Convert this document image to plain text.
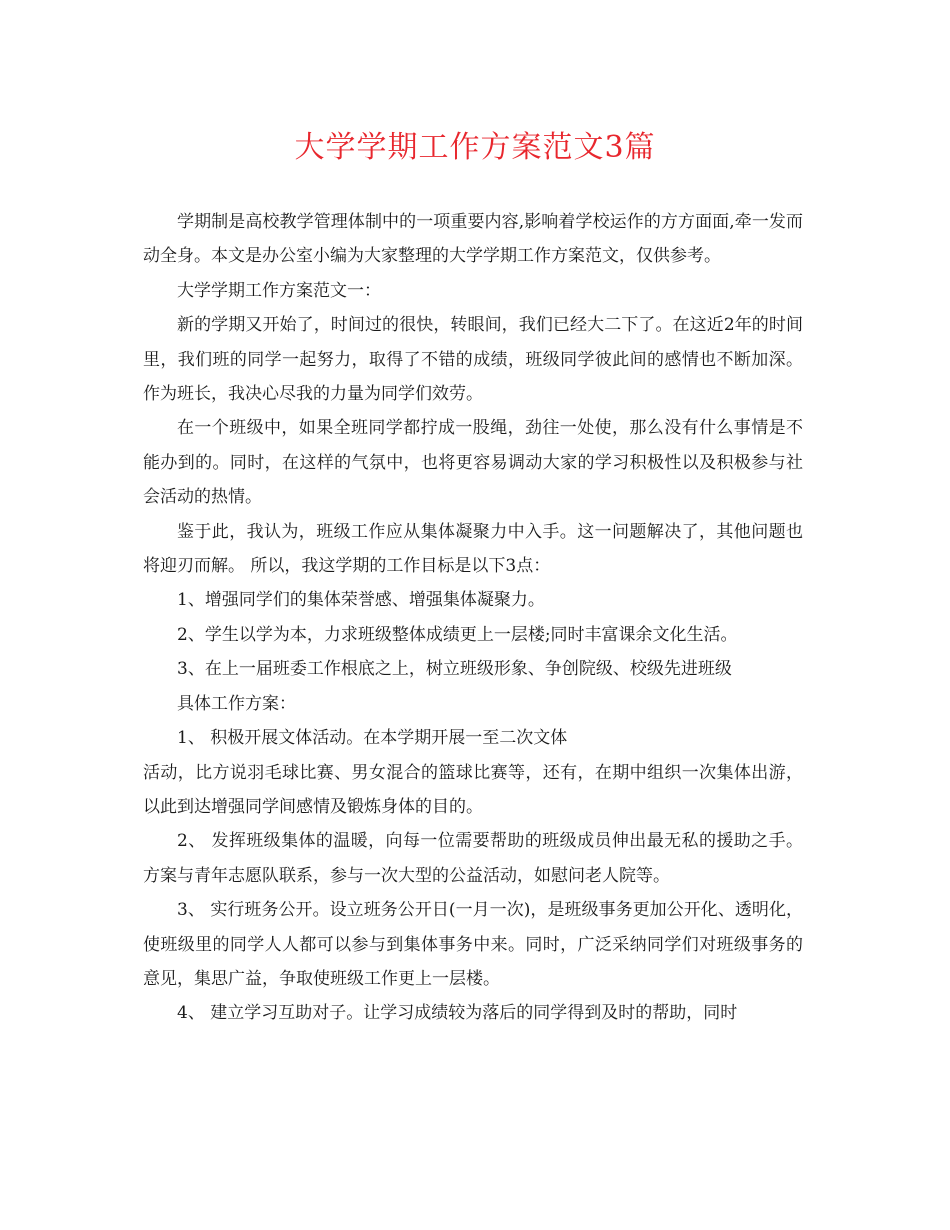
大学学期工作方案范文3篇

学期制是高校教学管理体制中的一项重要内容,影响着学校运作的方方面面,牵一发而动全身。本文是办公室小编为大家整理的大学学期工作方案范文，仅供参考。

大学学期工作方案范文一：

新的学期又开始了，时间过的很快，转眼间，我们已经大二下了。在这近2年的时间里，我们班的同学一起努力，取得了不错的成绩，班级同学彼此间的感情也不断加深。作为班长，我决心尽我的力量为同学们效劳。

在一个班级中，如果全班同学都拧成一股绳，劲往一处使，那么没有什么事情是不能办到的。同时，在这样的气氛中，也将更容易调动大家的学习积极性以及积极参与社会活动的热情。

鉴于此，我认为，班级工作应从集体凝聚力中入手。这一问题解决了，其他问题也将迎刃而解。 所以，我这学期的工作目标是以下3点：

1、增强同学们的集体荣誉感、增强集体凝聚力。

2、学生以学为本，力求班级整体成绩更上一层楼;同时丰富课余文化生活。

3、在上一届班委工作根底之上，树立班级形象、争创院级、校级先进班级

具体工作方案：

1、 积极开展文体活动。在本学期开展一至二次文体

活动，比方说羽毛球比赛、男女混合的篮球比赛等，还有，在期中组织一次集体出游，以此到达增强同学间感情及锻炼身体的目的。

2、 发挥班级集体的温暖，向每一位需要帮助的班级成员伸出最无私的援助之手。方案与青年志愿队联系，参与一次大型的公益活动，如慰问老人院等。

3、 实行班务公开。设立班务公开日(一月一次)，是班级事务更加公开化、透明化，使班级里的同学人人都可以参与到集体事务中来。同时，广泛采纳同学们对班级事务的意见，集思广益，争取使班级工作更上一层楼。

4、 建立学习互助对子。让学习成绩较为落后的同学得到及时的帮助，同时
